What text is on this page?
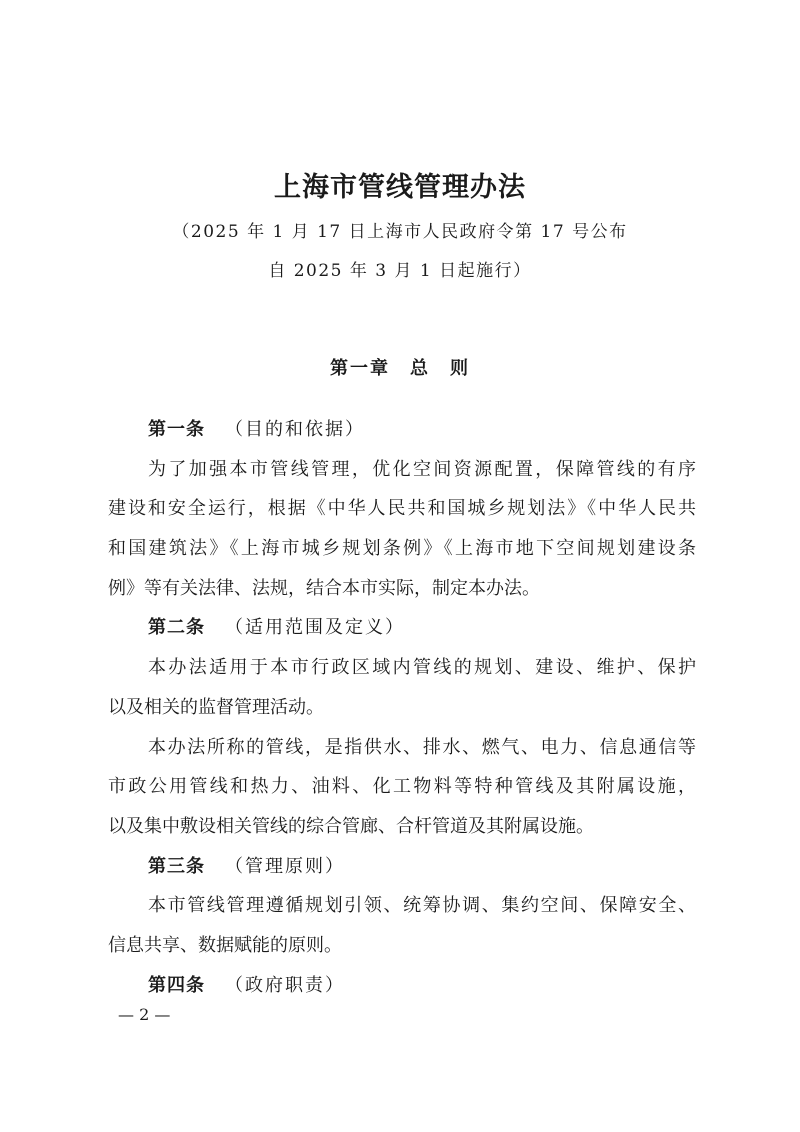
上海市管线管理办法
（2025 年 1 月 17 日上海市人民政府令第 17 号公布
自 2025 年 3 月 1 日起施行）
第一章 总　则
第一条 （目的和依据）
为了加强本市管线管理，优化空间资源配置，保障管线的有序
建设和安全运行，根据《中华人民共和国城乡规划法》《中华人民共
和国建筑法》《上海市城乡规划条例》《上海市地下空间规划建设条
例》等有关法律、法规，结合本市实际，制定本办法。
第二条 （适用范围及定义）
本办法适用于本市行政区域内管线的规划、建设、维护、保护
以及相关的监督管理活动。
本办法所称的管线，是指供水、排水、燃气、电力、信息通信等
市政公用管线和热力、油料、化工物料等特种管线及其附属设施，
以及集中敷设相关管线的综合管廊、合杆管道及其附属设施。
第三条 （管理原则）
本市管线管理遵循规划引领、统筹协调、集约空间、保障安全、
信息共享、数据赋能的原则。
第四条 （政府职责）
— 2 —
